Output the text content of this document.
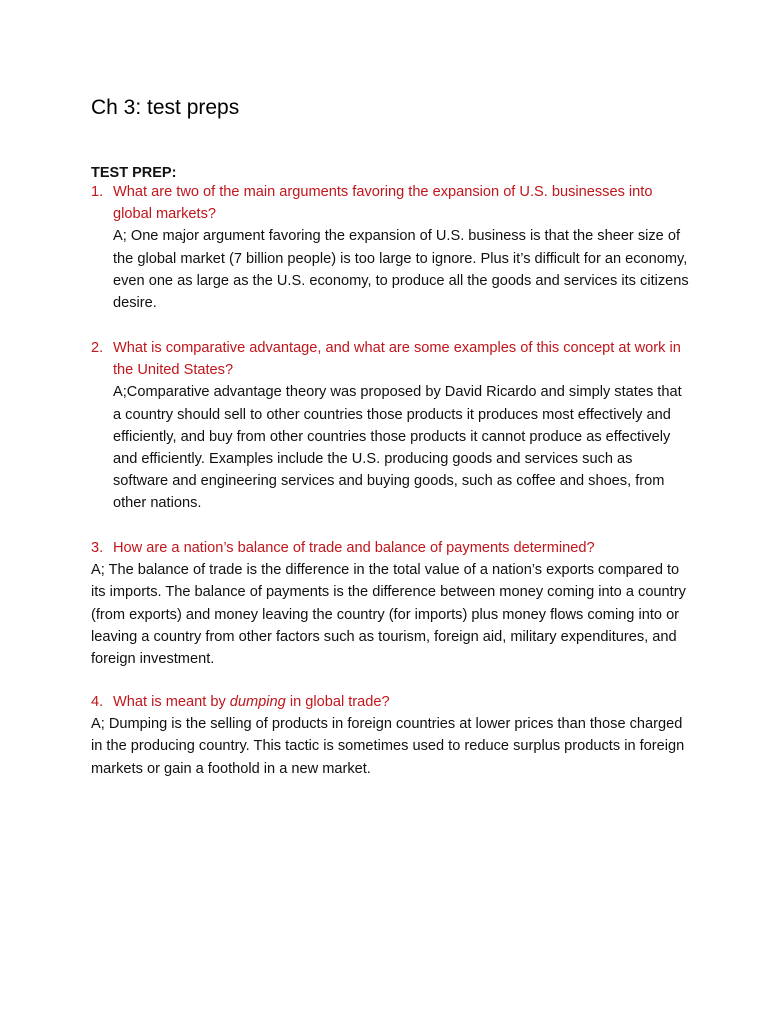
Ch 3: test preps
TEST PREP:
1. What are two of the main arguments favoring the expansion of U.S. businesses into global markets?
A; One major argument favoring the expansion of U.S. business is that the sheer size of the global market (7 billion people) is too large to ignore. Plus it’s difficult for an economy, even one as large as the U.S. economy, to produce all the goods and services its citizens desire.
2. What is comparative advantage, and what are some examples of this concept at work in the United States?
A;Comparative advantage theory was proposed by David Ricardo and simply states that a country should sell to other countries those products it produces most effectively and efficiently, and buy from other countries those products it cannot produce as effectively and efficiently. Examples include the U.S. producing goods and services such as software and engineering services and buying goods, such as coffee and shoes, from other nations.
3. How are a nation’s balance of trade and balance of payments determined?
A; The balance of trade is the difference in the total value of a nation’s exports compared to its imports. The balance of payments is the difference between money coming into a country (from exports) and money leaving the country (for imports) plus money flows coming into or leaving a country from other factors such as tourism, foreign aid, military expenditures, and foreign investment.
4. What is meant by dumping in global trade?
A; Dumping is the selling of products in foreign countries at lower prices than those charged in the producing country. This tactic is sometimes used to reduce surplus products in foreign markets or gain a foothold in a new market.
